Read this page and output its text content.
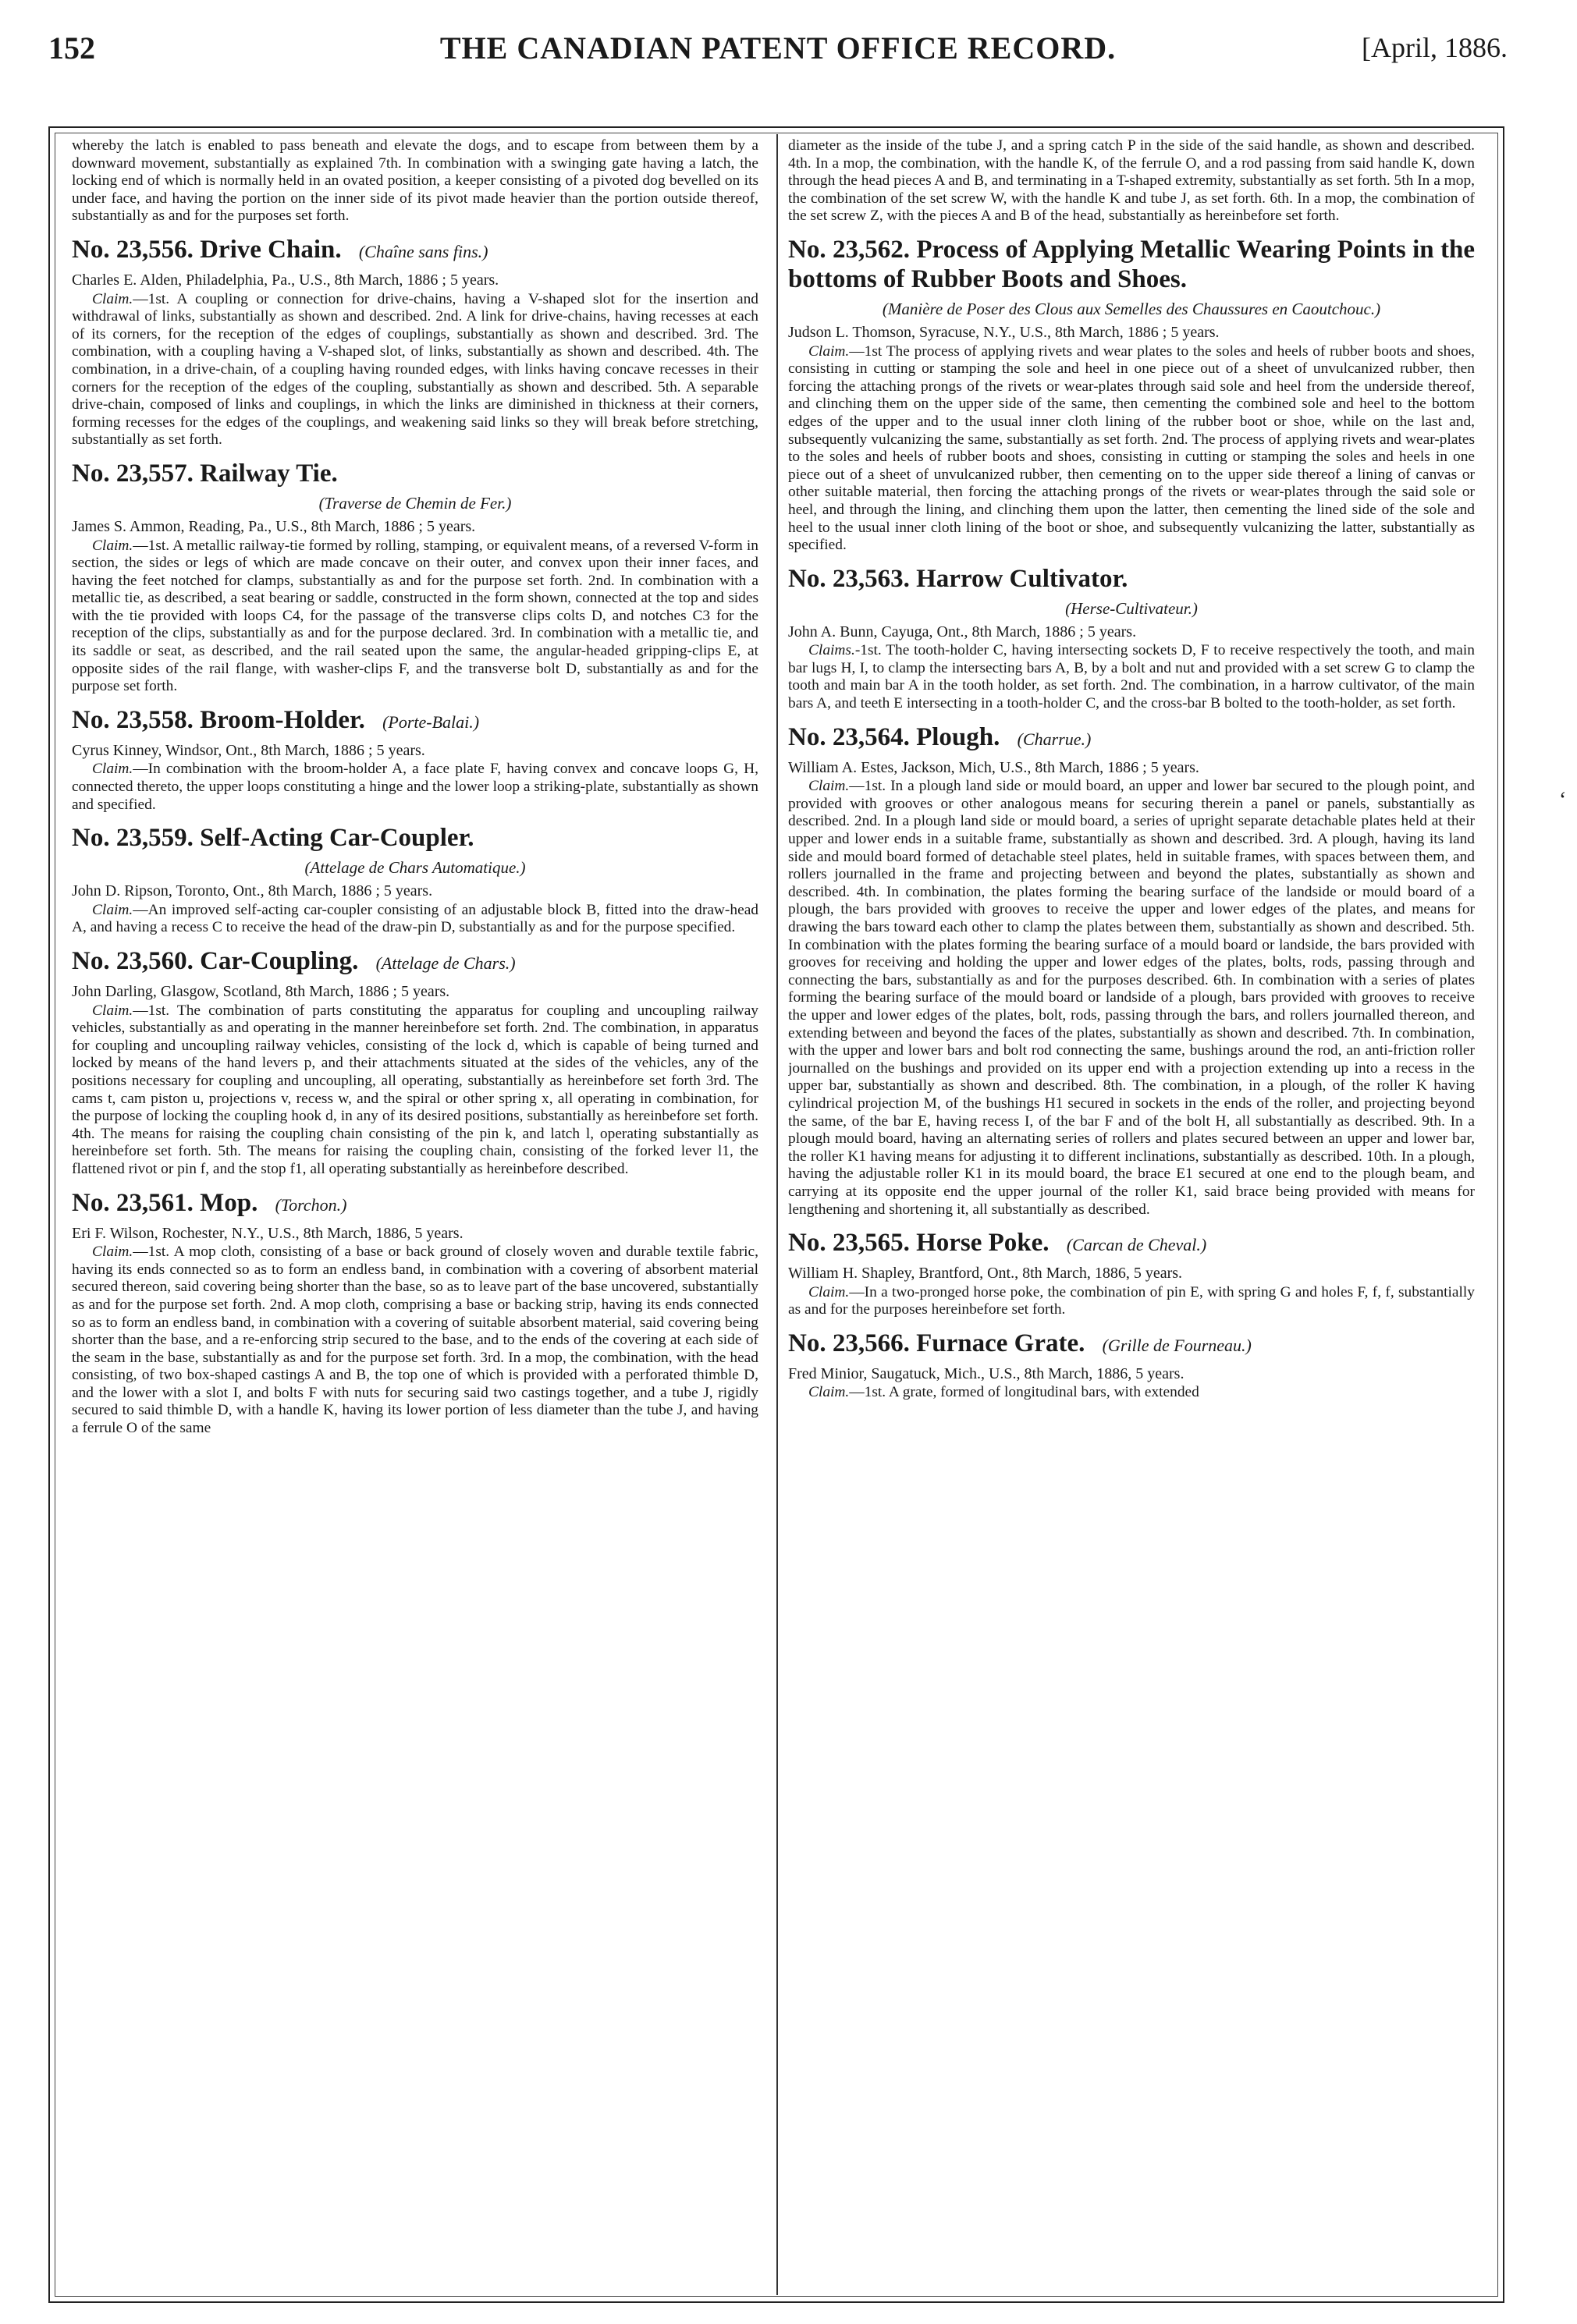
THE CANADIAN PATENT OFFICE RECORD.
152	[April, 1886.

whereby the latch is enabled to pass beneath and elevate the dogs, and to escape from between them by a downward movement, substantially as explained 7th. In combination with a swinging gate having a latch, the locking end of which is normally held in an ovated position, a keeper consisting of a pivoted dog bevelled on its under face, and having the portion on the inner side of its pivot made heavier than the portion outside thereof, substantially as and for the purposes set forth.

No. 23,556. Drive Chain. (Chaîne sans fins.)

Charles E. Alden, Philadelphia, Pa., U.S., 8th March, 1886 ; 5 years.

Claim.—1st. A coupling or connection for drive-chains, having a V-shaped slot for the insertion and withdrawal of links, substantially as shown and described. 2nd. A link for drive-chains, having recesses at each of its corners, for the reception of the edges of couplings, substantially as shown and described. 3rd. The combination, with a coupling having a V-shaped slot, of links, substantially as shown and described. 4th. The combination, in a drive-chain, of a coupling having rounded edges, with links having concave recesses in their corners for the reception of the edges of the coupling, substantially as shown and described. 5th. A separable drive-chain, composed of links and couplings, in which the links are diminished in thickness at their corners, forming recesses for the edges of the couplings, and weakening said links so they will break before stretching, substantially as set forth.

No. 23,557. Railway Tie.

(Traverse de Chemin de Fer.)

James S. Ammon, Reading, Pa., U.S., 8th March, 1886 ; 5 years.

Claim.—1st. A metallic railway-tie formed by rolling, stamping, or equivalent means, of a reversed V-form in section, the sides or legs of which are made concave on their outer, and convex upon their inner faces, and having the feet notched for clamps, substantially as and for the purpose set forth. 2nd. In combination with a metallic tie, as described, a seat bearing or saddle, constructed in the form shown, connected at the top and sides with the tie provided with loops C4, for the passage of the transverse clips colts D, and notches C3 for the reception of the clips, substantially as and for the purpose declared. 3rd. In combination with a metallic tie, and its saddle or seat, as described, and the rail seated upon the same, the angular-headed gripping-clips E, at opposite sides of the rail flange, with washer-clips F, and the transverse bolt D, substantially as and for the purpose set forth.

No. 23,558. Broom-Holder. (Porte-Balai.)

Cyrus Kinney, Windsor, Ont., 8th March, 1886 ; 5 years.

Claim.—In combination with the broom-holder A, a face plate F, having convex and concave loops G, H, connected thereto, the upper loops constituting a hinge and the lower loop a striking-plate, substantially as shown and specified.

No. 23,559. Self-Acting Car-Coupler.

(Attelage de Chars Automatique.)

John D. Ripson, Toronto, Ont., 8th March, 1886 ; 5 years.

Claim.—An improved self-acting car-coupler consisting of an adjustable block B, fitted into the draw-head A, and having a recess C to receive the head of the draw-pin D, substantially as and for the purpose specified.

No. 23,560. Car-Coupling. (Attelage de Chars.)

John Darling, Glasgow, Scotland, 8th March, 1886 ; 5 years.

Claim.—1st. The combination of parts constituting the apparatus for coupling and uncoupling railway vehicles, substantially as and operating in the manner hereinbefore set forth. 2nd. The combination, in apparatus for coupling and uncoupling railway vehicles, consisting of the lock d, which is capable of being turned and locked by means of the hand levers p, and their attachments situated at the sides of the vehicles, any of the positions necessary for coupling and uncoupling, all operating, substantially as hereinbefore set forth 3rd. The cams t, cam piston u, projections v, recess w, and the spiral or other spring x, all operating in combination, for the purpose of locking the coupling hook d, in any of its desired positions, substantially as hereinbefore set forth. 4th. The means for raising the coupling chain consisting of the pin k, and latch l, operating substantially as hereinbefore set forth. 5th. The means for raising the coupling chain, consisting of the forked lever l1, the flattened rivot or pin f, and the stop f1, all operating substantially as hereinbefore described.

No. 23,561. Mop. (Torchon.)

Eri F. Wilson, Rochester, N.Y., U.S., 8th March, 1886, 5 years.

Claim.—1st. A mop cloth, consisting of a base or back ground of closely woven and durable textile fabric, having its ends connected so as to form an endless band, in combination with a covering of absorbent material secured thereon, said covering being shorter than the base, so as to leave part of the base uncovered, substantially as and for the purpose set forth. 2nd. A mop cloth, comprising a base or backing strip, having its ends connected so as to form an endless band, in combination with a covering of suitable absorbent material, said covering being shorter than the base, and a re-enforcing strip secured to the base, and to the ends of the covering at each side of the seam in the base, substantially as and for the purpose set forth. 3rd. In a mop, the combination, with the head consisting, of two box-shaped castings A and B, the top one of which is provided with a perforated thimble D, and the lower with a slot I, and bolts F with nuts for securing said two castings together, and a tube J, rigidly secured to said thimble D, with a handle K, having its lower portion of less diameter than the tube J, and having a ferrule O of the same

diameter as the inside of the tube J, and a spring catch P in the side of the said handle, as shown and described. 4th. In a mop, the combination, with the handle K, of the ferrule O, and a rod passing from said handle K, down through the head pieces A and B, and terminating in a T-shaped extremity, substantially as set forth. 5th In a mop, the combination of the set screw W, with the handle K and tube J, as set forth. 6th. In a mop, the combination of the set screw Z, with the pieces A and B of the head, substantially as hereinbefore set forth.

No. 23,562. Process of Applying Metallic Wearing Points in the bottoms of Rubber Boots and Shoes.

(Manière de Poser des Clous aux Semelles des Chaussures en Caoutchouc.)

Judson L. Thomson, Syracuse, N.Y., U.S., 8th March, 1886 ; 5 years.

Claim.—1st The process of applying rivets and wear plates to the soles and heels of rubber boots and shoes, consisting in cutting or stamping the sole and heel in one piece out of a sheet of unvulcanized rubber, then forcing the attaching prongs of the rivets or wear-plates through said sole and heel from the underside thereof, and clinching them on the upper side of the same, then cementing the combined sole and heel to the bottom edges of the upper and to the usual inner cloth lining of the rubber boot or shoe, while on the last and, subsequently vulcanizing the same, substantially as set forth. 2nd. The process of applying rivets and wear-plates to the soles and heels of rubber boots and shoes, consisting in cutting or stamping the soles and heels in one piece out of a sheet of unvulcanized rubber, then cementing on to the upper side thereof a lining of canvas or other suitable material, then forcing the attaching prongs of the rivets or wear-plates through the said sole or heel, and through the lining, and clinching them upon the latter, then cementing the lined side of the sole and heel to the usual inner cloth lining of the boot or shoe, and subsequently vulcanizing the latter, substantially as specified.

No. 23,563. Harrow Cultivator.

(Herse-Cultivateur.)

John A. Bunn, Cayuga, Ont., 8th March, 1886 ; 5 years.

Claims.-1st. The tooth-holder C, having intersecting sockets D, F to receive respectively the tooth, and main bar lugs H, I, to clamp the intersecting bars A, B, by a bolt and nut and provided with a set screw G to clamp the tooth and main bar A in the tooth holder, as set forth. 2nd. The combination, in a harrow cultivator, of the main bars A, and teeth E intersecting in a tooth-holder C, and the cross-bar B bolted to the tooth-holder, as set forth.

No. 23,564. Plough. (Charrue.)

William A. Estes, Jackson, Mich, U.S., 8th March, 1886 ; 5 years.

Claim.—1st. In a plough land side or mould board, an upper and lower bar secured to the plough point, and provided with grooves or other analogous means for securing therein a panel or panels, substantially as described. 2nd. In a plough land side or mould board, a series of upright separate detachable plates held at their upper and lower ends in a suitable frame, substantially as shown and described. 3rd. A plough, having its land side and mould board formed of detachable steel plates, held in suitable frames, with spaces between them, and rollers journalled in the frame and projecting between and beyond the plates, substantially as shown and described. 4th. In combination, the plates forming the bearing surface of the landside or mould board of a plough, the bars provided with grooves to receive the upper and lower edges of the plates, and means for drawing the bars toward each other to clamp the plates between them, substantially as shown and described. 5th. In combination with the plates forming the bearing surface of a mould board or landside, the bars provided with grooves for receiving and holding the upper and lower edges of the plates, bolts, rods, passing through and connecting the bars, substantially as and for the purposes described. 6th. In combination with a series of plates forming the bearing surface of the mould board or landside of a plough, bars provided with grooves to receive the upper and lower edges of the plates, bolt, rods, passing through the bars, and rollers journalled thereon, and extending between and beyond the faces of the plates, substantially as shown and described. 7th. In combination, with the upper and lower bars and bolt rod connecting the same, bushings around the rod, an anti-friction roller journalled on the bushings and provided on its upper end with a projection extending up into a recess in the upper bar, substantially as shown and described. 8th. The combination, in a plough, of the roller K having cylindrical projection M, of the bushings H1 secured in sockets in the ends of the roller, and projecting beyond the same, of the bar E, having recess I, of the bar F and of the bolt H, all substantially as described. 9th. In a plough mould board, having an alternating series of rollers and plates secured between an upper and lower bar, the roller K1 having means for adjusting it to different inclinations, substantially as described. 10th. In a plough, having the adjustable roller K1 in its mould board, the brace E1 secured at one end to the plough beam, and carrying at its opposite end the upper journal of the roller K1, said brace being provided with means for lengthening and shortening it, all substantially as described.

No. 23,565. Horse Poke. (Carcan de Cheval.)

William H. Shapley, Brantford, Ont., 8th March, 1886, 5 years.

Claim.—In a two-pronged horse poke, the combination of pin E, with spring G and holes F, f, f, substantially as and for the purposes hereinbefore set forth.

No. 23,566. Furnace Grate. (Grille de Fourneau.)

Fred Minior, Saugatuck, Mich., U.S., 8th March, 1886, 5 years.

Claim.—1st. A grate, formed of longitudinal bars, with extended

‘
